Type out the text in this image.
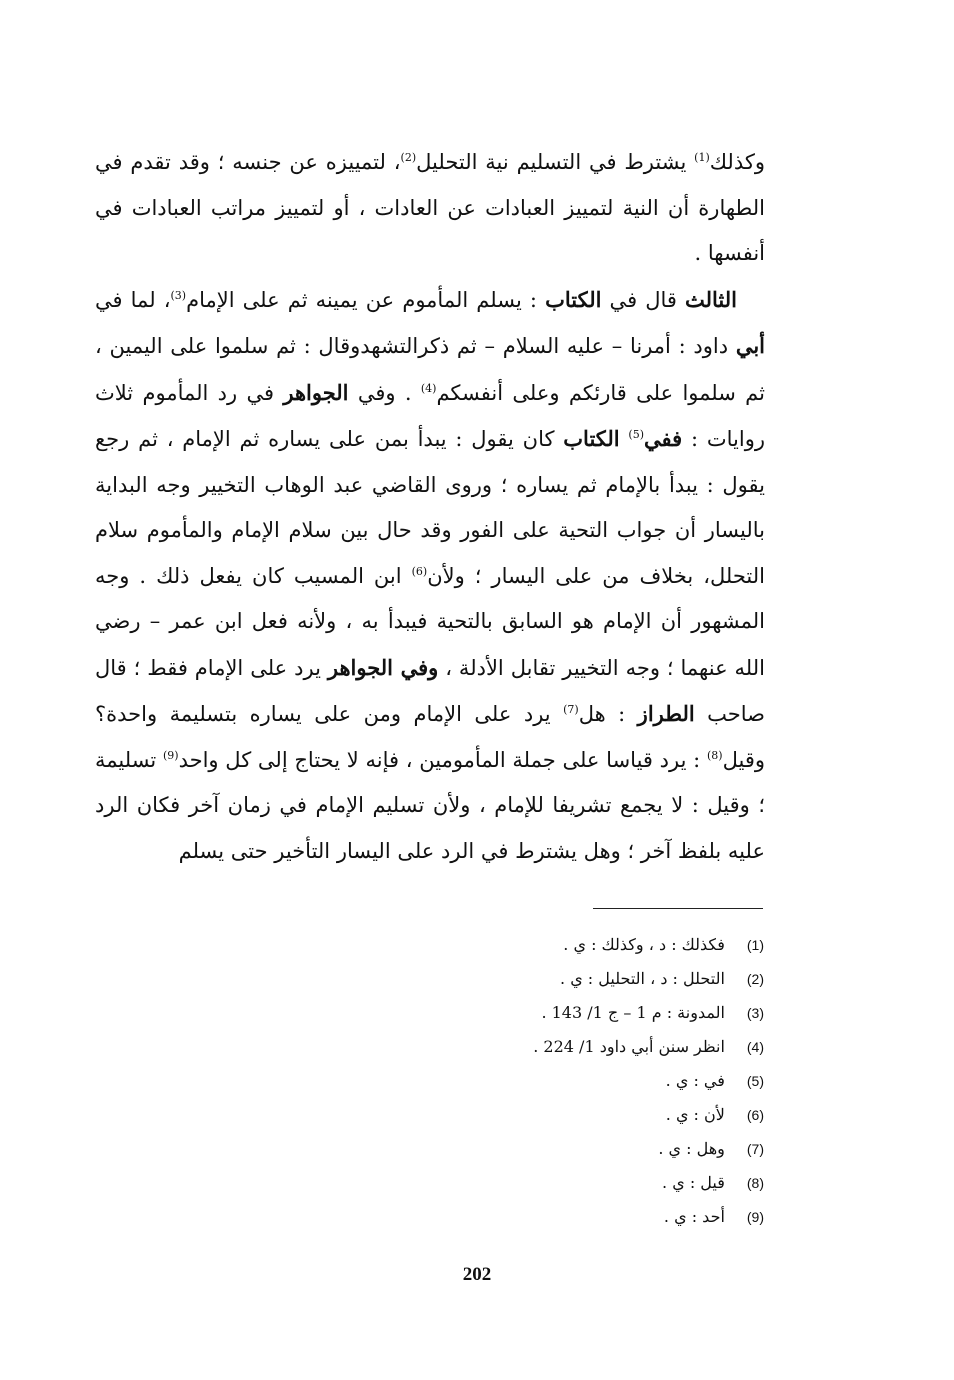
وكذلك$^{(1)}$ يشترط في التسليم نية التحليل$^{(2)}$، لتمييزه عن جنسه ؛ وقد تقدم في الطهارة أن النية لتمييز العبادات عن العادات ، أو لتمييز مراتب العبادات في أنفسها .

الثالث قال في الكتاب : يسلم المأموم عن يمينه ثم على الإمام$^{(3)}$، لما في أبي داود : أمرنا – عليه السلام – ثم ذكرالتشهدوقال : ثم سلموا على اليمين ، ثم سلموا على قارئكم وعلى أنفسكم$^{(4)}$ . وفي الجواهر في رد المأموم ثلاث روايات : ففي$^{(5)}$ الكتاب كان يقول : يبدأ بمن على يساره ثم الإمام ، ثم رجع يقول : يبدأ بالإمام ثم يساره ؛ وروى القاضي عبد الوهاب التخيير وجه البداية باليسار أن جواب التحية على الفور وقد حال بين سلام الإمام والمأموم سلام التحلل، بخلاف من على اليسار ؛ ولأن$^{(6)}$ ابن المسيب كان يفعل ذلك . وجه المشهور أن الإمام هو السابق بالتحية فيبدأ به ، ولأنه فعل ابن عمر – رضي الله عنهما ؛ وجه التخيير تقابل الأدلة ، وفي الجواهر يرد على الإمام فقط ؛ قال صاحب الطراز : هل$^{(7)}$ يرد على الإمام ومن على يساره بتسليمة واحدة؟ وقيل$^{(8)}$ : يرد قياسا على جملة المأمومين ، فإنه لا يحتاج إلى كل واحد$^{(9)}$ تسليمة ؛ وقيل : لا يجمع تشريفا للإمام ، ولأن تسليم الإمام في زمان آخر فكان الرد عليه بلفظ آخر ؛ وهل يشترط في الرد على اليسار التأخير حتى يسلم

(1) فكذلك : د ، وكذلك : ي .
(2) التحلل : د ، التحليل : ي .
(3) المدونة : م 1 – ج 1/ 143 .
(4) انظر سنن أبي داود 1/ 224 .
(5) في : ي .
(6) لأن : ي .
(7) وهل : ي .
(8) قيل : ي .
(9) أحد : ي .
202
